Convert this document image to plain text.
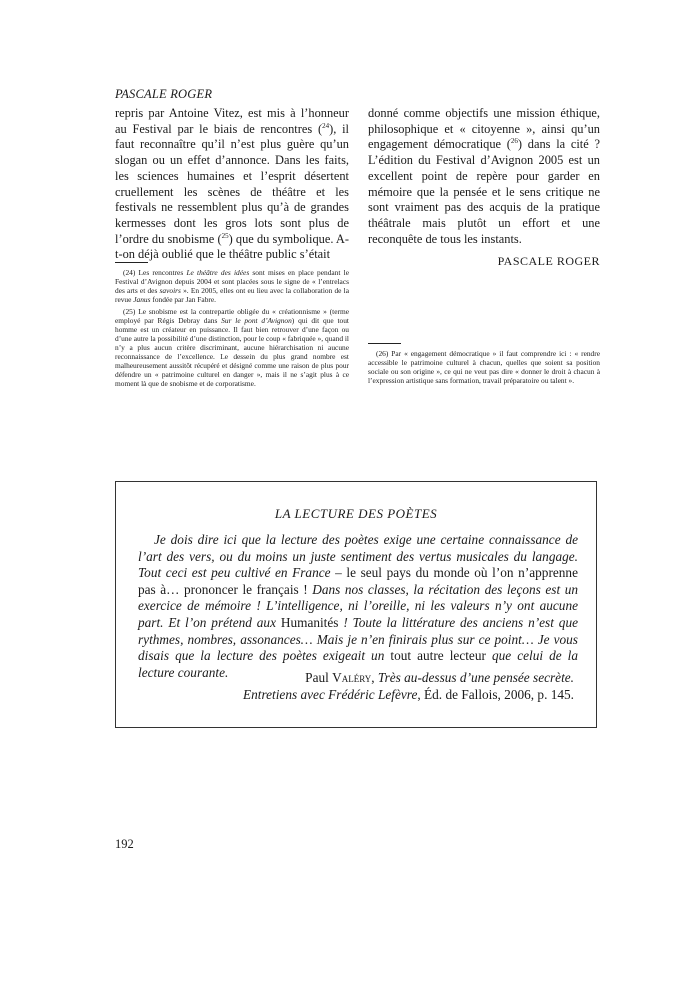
PASCALE ROGER

repris par Antoine Vitez, est mis à l’honneur au Festival par le biais de rencontres ($^{24}$), il faut reconnaître qu’il n’est plus guère qu’un slogan ou un effet d’annonce. Dans les faits, les sciences humaines et l’esprit désertent cruellement les scènes de théâtre et les festivals ne ressemblent plus qu’à de grandes kermesses dont les gros lots sont plus de l’ordre du snobisme ($^{25}$) que du symbolique. A-t-on déjà oublié que le théâtre public s’était

donné comme objectifs une mission éthique, philosophique et « citoyenne », ainsi qu’un engagement démocratique ($^{26}$) dans la cité ? L’édition du Festival d’Avignon 2005 est un excellent point de repère pour garder en mémoire que la pensée et le sens critique ne sont vraiment pas des acquis de la pratique théâtrale mais plutôt un effort et une reconquête de tous les instants.

PASCALE ROGER

(24) Les rencontres Le théâtre des idées sont mises en place pendant le Festival d’Avignon depuis 2004 et sont placées sous le signe de « l’entrelacs des arts et des savoirs ». En 2005, elles ont eu lieu avec la collaboration de la revue Janus fondée par Jan Fabre.

(25) Le snobisme est la contrepartie obligée du « créationnisme » (terme employé par Régis Debray dans Sur le pont d’Avignon) qui dit que tout homme est un créateur en puissance. Il faut bien retrouver d’une façon ou d’une autre la possibilité d’une distinction, pour le coup « fabriquée », quand il n’y a plus aucun critère discriminant, aucune hiérarchisation ni aucune reconnaissance de l’excellence. Le dessein du plus grand nombre est malheureusement aussitôt récupéré et désigné comme une raison de plus pour défendre un « patrimoine culturel en danger », mais il ne s’agit plus à ce moment là que de snobisme et de corporatisme.

(26) Par « engagement démocratique » il faut comprendre ici : « rendre accessible le patrimoine culturel à chacun, quelles que soient sa position sociale ou son origine », ce qui ne veut pas dire « donner le droit à chacun à l’expression artistique sans formation, travail préparatoire ou talent ».

LA LECTURE DES POÈTES
Je dois dire ici que la lecture des poètes exige une certaine connaissance de l’art des vers, ou du moins un juste sentiment des vertus musicales du langage. Tout ceci est peu cultivé en France – le seul pays du monde où l’on n’apprenne pas à… prononcer le français ! Dans nos classes, la récitation des leçons est un exercice de mémoire ! L’intelligence, ni l’oreille, ni les valeurs n’y ont aucune part. Et l’on prétend aux Humanités ! Toute la littérature des anciens n’est que rythmes, nombres, assonances… Mais je n’en finirais plus sur ce point… Je vous disais que la lecture des poètes exigeait un tout autre lecteur que celui de la lecture courante.	Paul Valéry, Très au-dessus d’une pensée secrète.
Entretiens avec Frédéric Lefèvre, Éd. de Fallois, 2006, p. 145.
192
